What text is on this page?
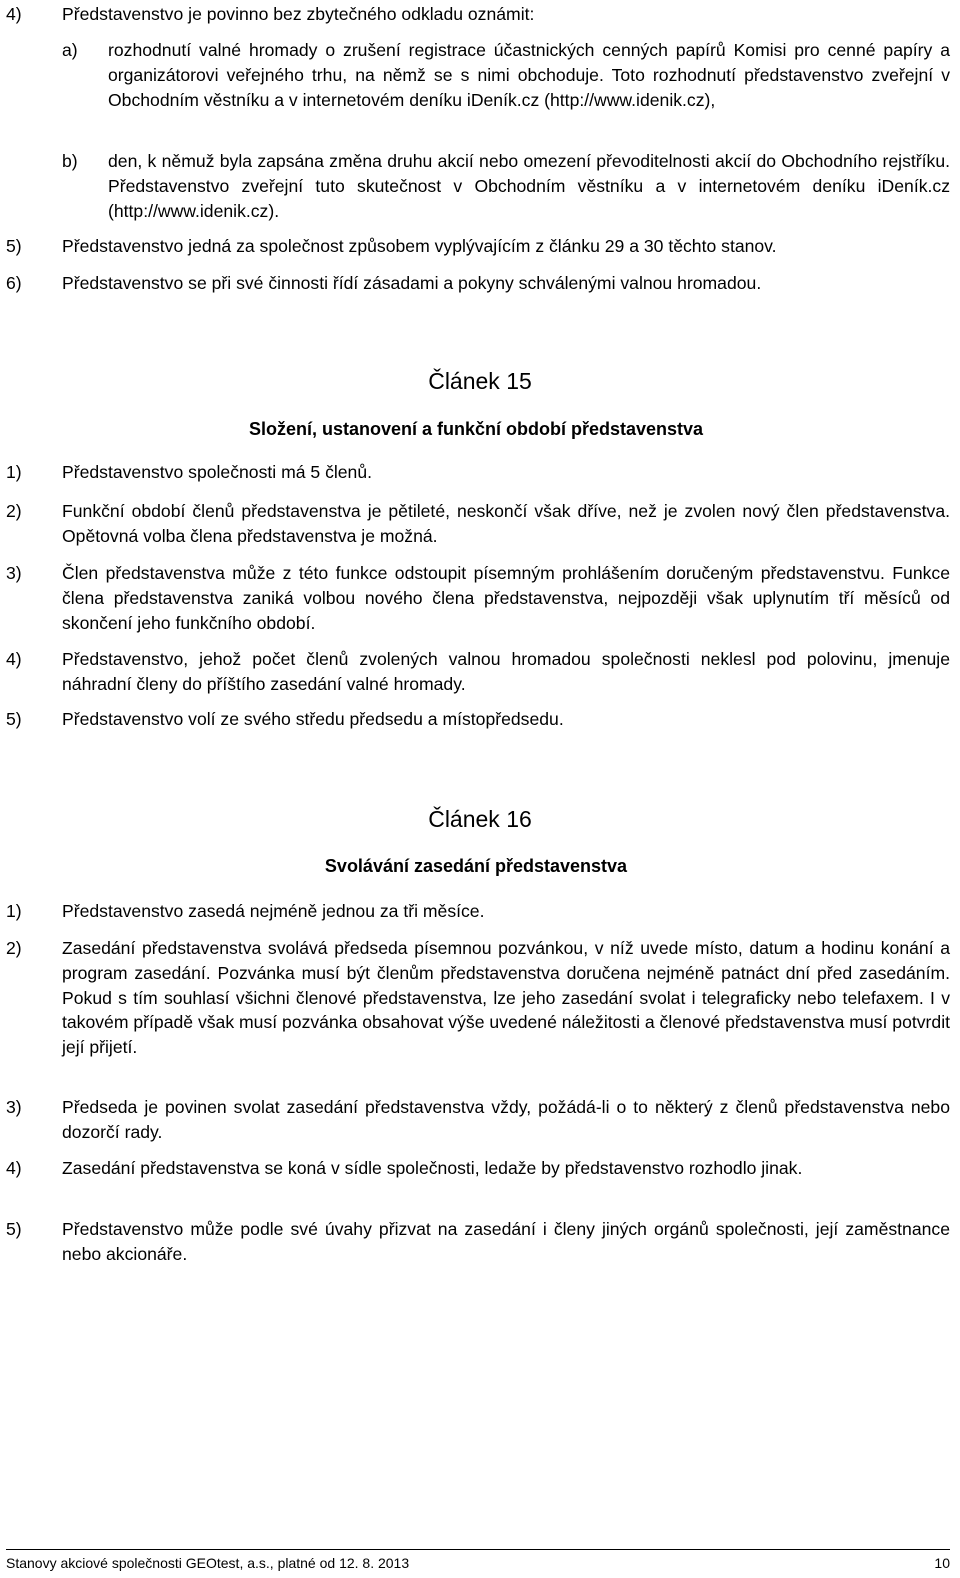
4) Představenstvo je povinno bez zbytečného odkladu oznámit:
a) rozhodnutí valné hromady o zrušení registrace účastnických cenných papírů Komisi pro cenné papíry a organizátorovi veřejného trhu, na němž se s nimi obchoduje. Toto rozhodnutí představenstvo zveřejní v Obchodním věstníku a v internetovém deníku iDeník.cz (http://www.idenik.cz),
b) den, k němuž byla zapsána změna druhu akcií nebo omezení převoditelnosti akcií do Obchodního rejstříku. Představenstvo zveřejní tuto skutečnost v Obchodním věstníku a v internetovém deníku iDeník.cz (http://www.idenik.cz).
5) Představenstvo jedná za společnost způsobem vyplývajícím z článku 29 a 30 těchto stanov.
6) Představenstvo se při své činnosti řídí zásadami a pokyny schválenými valnou hromadou.
Článek 15
Složení, ustanovení a funkční období představenstva
1) Představenstvo společnosti má 5 členů.
2) Funkční období členů představenstva je pětileté, neskončí však dříve, než je zvolen nový člen představenstva. Opětovná volba člena představenstva je možná.
3) Člen představenstva může z této funkce odstoupit písemným prohlášením doručeným představenstvu. Funkce člena představenstva zaniká volbou nového člena představenstva, nejpozději však uplynutím tří měsíců od skončení jeho funkčního období.
4) Představenstvo, jehož počet členů zvolených valnou hromadou společnosti neklesl pod polovinu, jmenuje náhradní členy do příštího zasedání valné hromady.
5) Představenstvo volí ze svého středu předsedu a místopředsedu.
Článek 16
Svolávání zasedání představenstva
1) Představenstvo zasedá nejméně jednou za tři měsíce.
2) Zasedání představenstva svolává předseda písemnou pozvánkou, v níž uvede místo, datum a hodinu konání a program zasedání. Pozvánka musí být členům představenstva doručena nejméně patnáct dní před zasedáním. Pokud s tím souhlasí všichni členové představenstva, lze jeho zasedání svolat i telegraficky nebo telefaxem. I v takovém případě však musí pozvánka obsahovat výše uvedené náležitosti a členové představenstva musí potvrdit její přijetí.
3) Předseda je povinen svolat zasedání představenstva vždy, požádá-li o to některý z členů představenstva nebo dozorčí rady.
4) Zasedání představenstva se koná v sídle společnosti, ledaže by představenstvo rozhodlo jinak.
5) Představenstvo může podle své úvahy přizvat na zasedání i členy jiných orgánů společnosti, její zaměstnance nebo akcionáře.
Stanovy akciové společnosti GEOtest, a.s., platné od 12. 8. 2013	10
